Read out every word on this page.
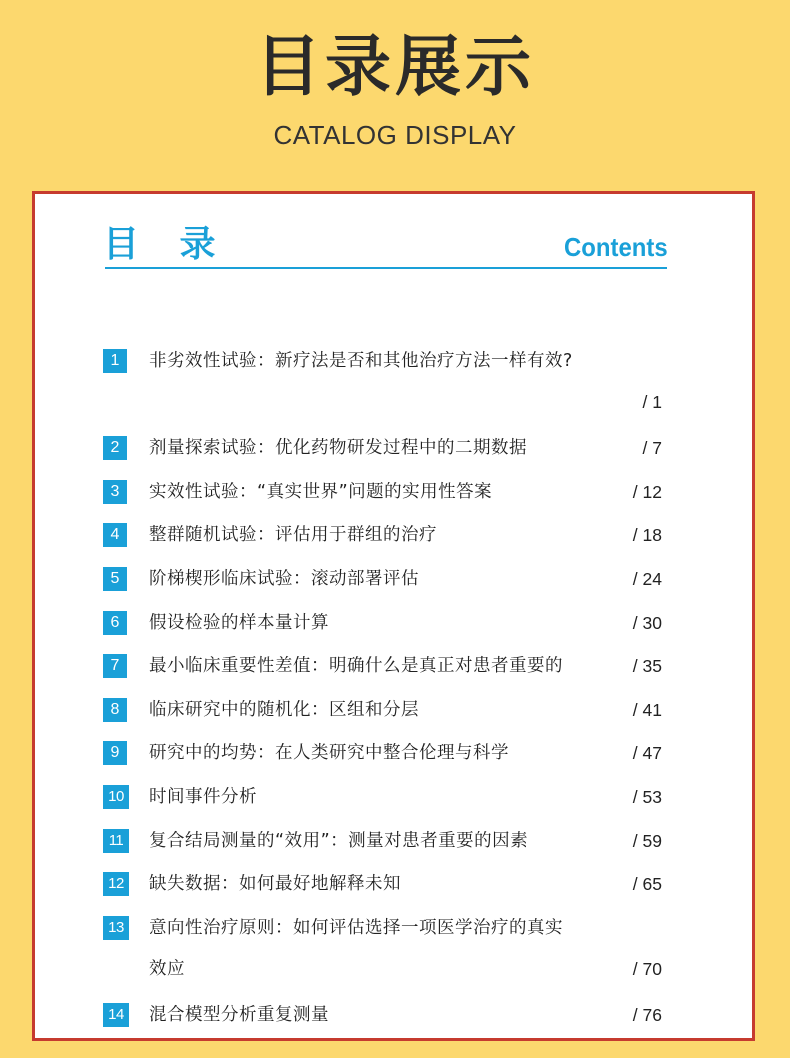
目录展示
CATALOG DISPLAY
目 录	Contents
1	非劣效性试验：新疗法是否和其他治疗方法一样有效?
/ 1
2	剂量探索试验：优化药物研发过程中的二期数据	/ 7
3	实效性试验：“真实世界”问题的实用性答案	/ 12
4	整群随机试验：评估用于群组的治疗	/ 18
5	阶梯楔形临床试验：滚动部署评估	/ 24
6	假设检验的样本量计算	/ 30
7	最小临床重要性差值：明确什么是真正对患者重要的	/ 35
8	临床研究中的随机化：区组和分层	/ 41
9	研究中的均势：在人类研究中整合伦理与科学	/ 47
10 时间事件分析	/ 53
11	复合结局测量的“效用”：测量对患者重要的因素	/ 59
12 缺失数据：如何最好地解释未知	/ 65
13 意向性治疗原则：如何评估选择一项医学治疗的真实
效应	/ 70
14 混合模型分析重复测量	/ 76
